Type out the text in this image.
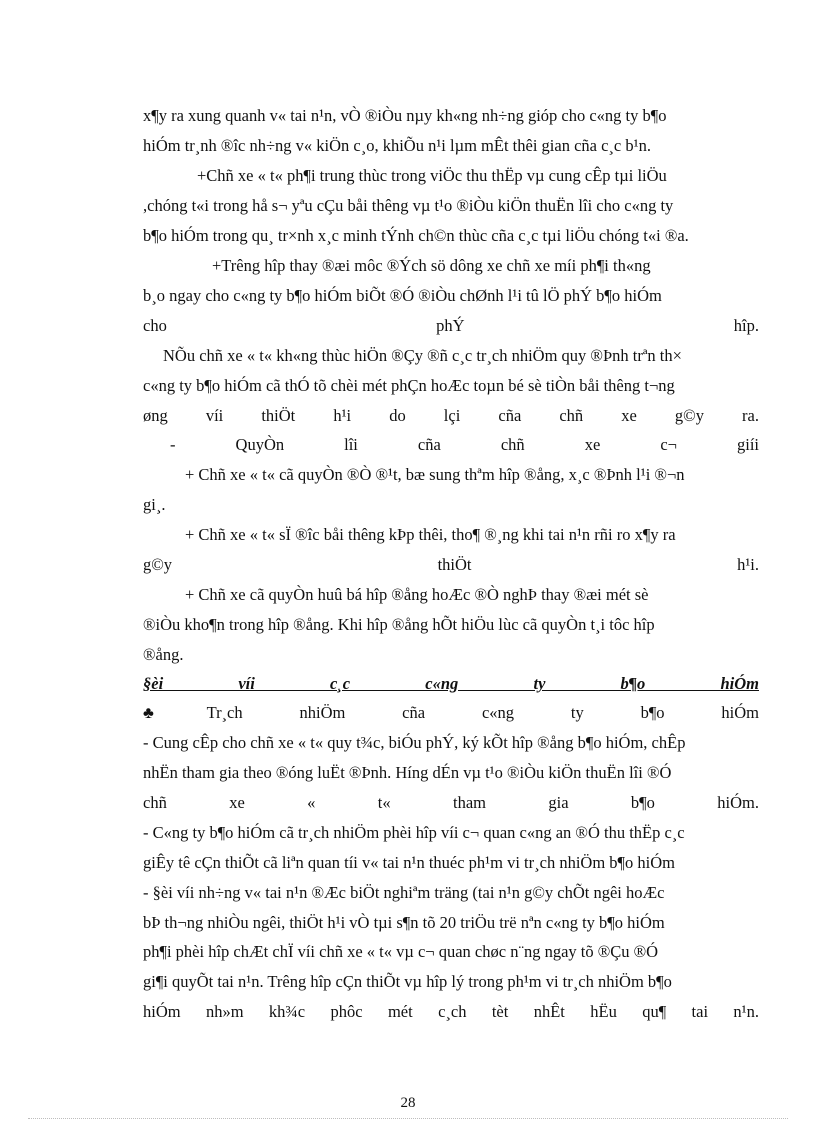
x¶y ra xung quanh v« tai n¹n, vÒ ®iÒu nµy kh«ng nh÷ng gióp cho c«ng ty b¶o
hiÓm tr¸nh ®îc nh÷ng v« kiÖn c¸o, khiÕu n¹i lµm mÊt thêi gian cña c¸c b¹n.
+Chñ xe « t« ph¶i trung thùc trong viÖc thu thËp vµ cung cÊp tµi liÖu
,chóng t«i trong hå s¬ yªu cÇu båi thêng vµ t¹o ®iÒu kiÖn thuËn lîi cho c«ng ty
b¶o hiÓm trong qu¸ tr×nh x¸c minh tÝnh ch©n thùc cña c¸c tµi liÖu chóng t«i ®a.
+Trêng hîp thay ®æi môc ®Ých sö dông xe chñ xe míi ph¶i th«ng
b¸o ngay cho c«ng ty b¶o hiÓm biÕt ®Ó ®iÒu chØnh l¹i tû lÖ phÝ b¶o hiÓm
cho phÝ hîp.
NÕu chñ xe « t« kh«ng thùc hiÖn ®Çy ®ñ c¸c tr¸ch nhiÖm quy ®Þnh trªn th×
c«ng ty b¶o hiÓm cã thÓ tõ chèi mét phÇn hoÆc toµn bé sè tiÒn båi thêng t¬ng
øng víi thiÖt h¹i do lçi cña chñ xe g©y ra.
- QuyÒn lîi cña chñ xe c¬ giíi
+ Chñ xe « t« cã quyÒn ®Ò ®¹t, bæ sung thªm hîp ®ång, x¸c ®Þnh l¹i ®¬n
gi¸.
+ Chñ xe « t« sÏ ®îc båi thêng kÞp thêi, tho¶ ®¸ng khi tai n¹n rñi ro x¶y ra
g©y thiÖt h¹i.
+ Chñ xe cã quyÒn huû bá hîp ®ång hoÆc ®Ò nghÞ thay ®æi mét sè
®iÒu kho¶n trong hîp ®ång. Khi hîp ®ång hÕt hiÖu lùc cã quyÒn t¸i tôc hîp
®ång.
§èi víi c¸c c«ng ty b¶o hiÓm
♣Tr¸ch nhiÖm cña c«ng ty b¶o hiÓm
- Cung cÊp cho chñ xe « t« quy t¾c, biÓu phÝ, ký kÕt hîp ®ång b¶o hiÓm, chÊp
nhËn tham gia theo ®óng luËt ®Þnh. Híng dÉn vµ t¹o ®iÒu kiÖn thuËn lîi ®Ó
chñ xe « t« tham gia b¶o hiÓm.
- C«ng ty b¶o hiÓm cã tr¸ch nhiÖm phèi hîp víi c¬ quan c«ng an ®Ó thu thËp c¸c
giÊy tê cÇn thiÕt cã liªn quan tíi v« tai n¹n thuéc ph¹m vi tr¸ch nhiÖm b¶o hiÓm
- §èi víi nh÷ng v« tai n¹n ®Æc biÖt nghiªm träng (tai n¹n g©y chÕt ngêi hoÆc
bÞ th¬ng nhiÒu ngêi, thiÖt h¹i vÒ tµi s¶n tõ 20 triÖu trë nªn c«ng ty b¶o hiÓm
ph¶i phèi hîp chÆt chÏ víi chñ xe « t« vµ c¬ quan chøc n¨ng ngay tõ ®Çu ®Ó
gi¶i quyÕt tai n¹n. Trêng hîp cÇn thiÕt vµ hîp lý trong ph¹m vi tr¸ch nhiÖm b¶o
hiÓm nh»m kh¾c phôc mét c¸ch tèt nhÊt hËu qu¶ tai n¹n.
28
